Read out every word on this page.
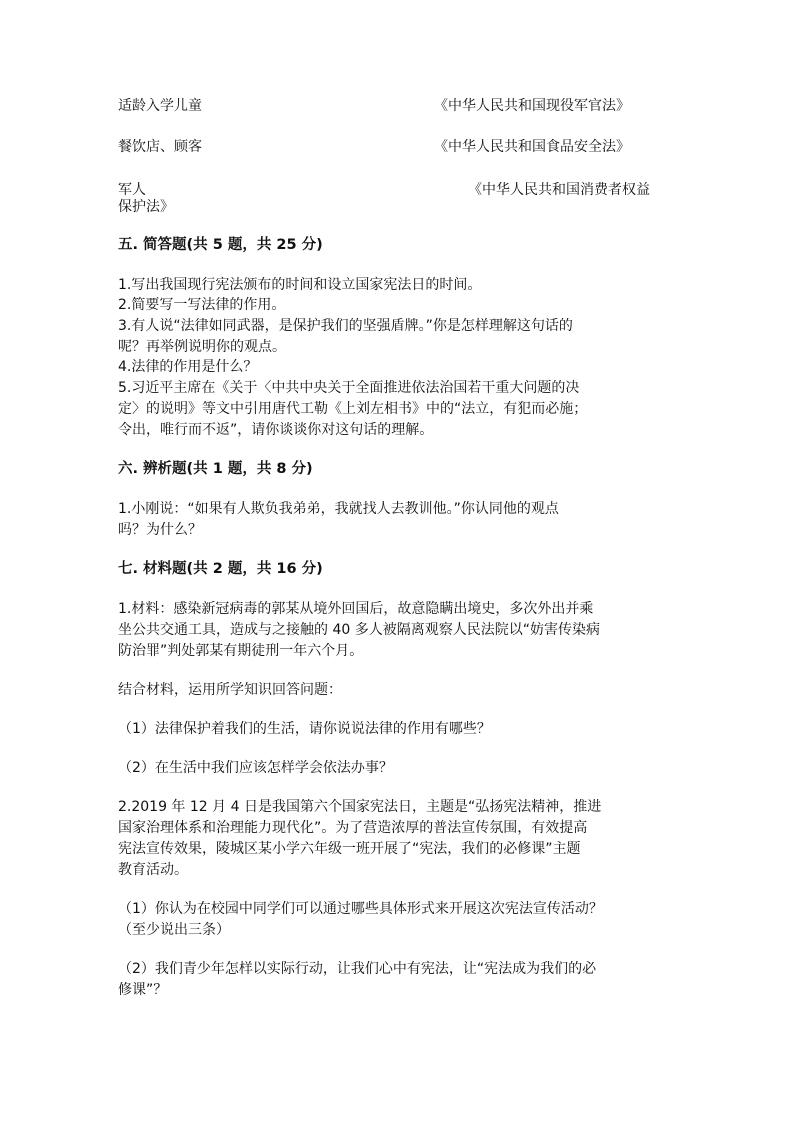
适龄入学儿童	《中华人民共和国现役军官法》
餐饮店、顾客	《中华人民共和国食品安全法》
军人	《中华人民共和国消费者权益
保护法》
五. 简答题(共 5 题，共 25 分)
1.写出我国现行宪法颁布的时间和设立国家宪法日的时间。
2.简要写一写法律的作用。
3.有人说“法律如同武器，是保护我们的坚强盾牌。”你是怎样理解这句话的
呢？再举例说明你的观点。
4.法律的作用是什么？
5.习近平主席在《关于〈中共中央关于全面推进依法治国若干重大问题的决
定〉的说明》等文中引用唐代工勒《上刘左相书》中的“法立，有犯而必施；
令出，唯行而不返”，请你谈谈你对这句话的理解。
六. 辨析题(共 1 题，共 8 分)
1.小刚说：“如果有人欺负我弟弟，我就找人去教训他。”你认同他的观点
吗？为什么？
七. 材料题(共 2 题，共 16 分)
1.材料：感染新冠病毒的郭某从境外回国后，故意隐瞒出境史，多次外出并乘
坐公共交通工具，造成与之接触的 40 多人被隔离观察人民法院以“妨害传染病
防治罪”判处郭某有期徒刑一年六个月。
结合材料，运用所学知识回答问题：
（1）法律保护着我们的生活，请你说说法律的作用有哪些？
（2）在生活中我们应该怎样学会依法办事？
2.2019 年 12 月 4 日是我国第六个国家宪法日，主题是“弘扬宪法精神，推进
国家治理体系和治理能力现代化”。为了营造浓厚的普法宣传氛围，有效提高
宪法宣传效果，陵城区某小学六年级一班开展了“宪法，我们的必修课”主题
教育活动。
（1）你认为在校园中同学们可以通过哪些具体形式来开展这次宪法宣传活动？
（至少说出三条）
（2）我们青少年怎样以实际行动，让我们心中有宪法，让“宪法成为我们的必
修课”？
